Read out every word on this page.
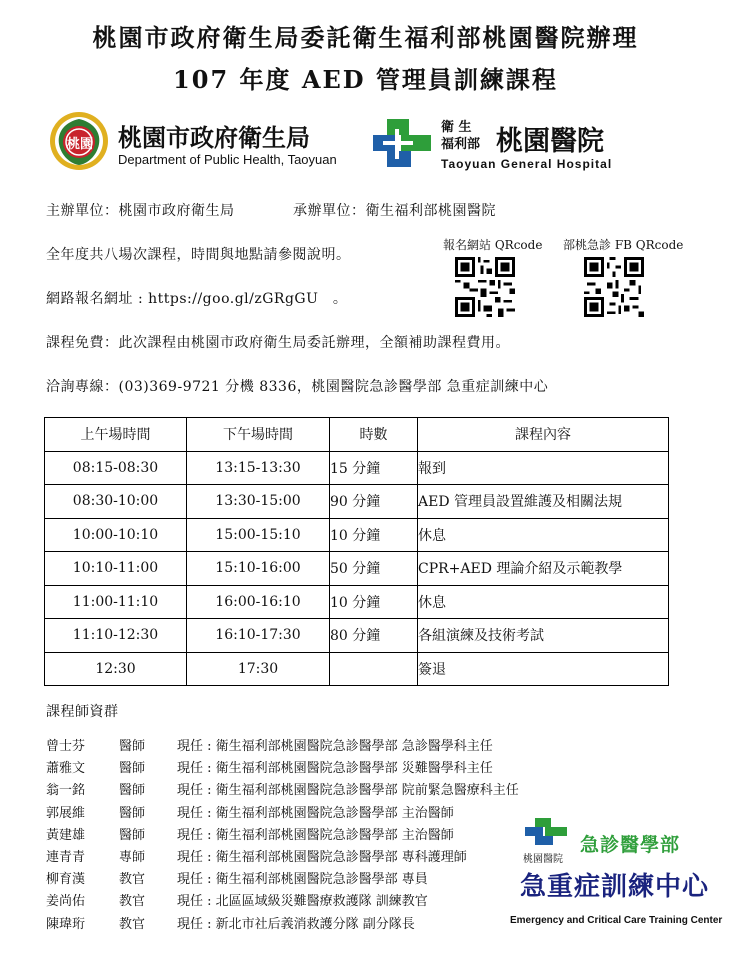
桃園市政府衛生局委託衛生福利部桃園醫院辦理
107 年度 AED 管理員訓練課程
桃園 桃園市政府衛生局
Department of Public Health, Taoyuan
衛 生
福利部 桃園醫院
Taoyuan General Hospital
主辦單位：桃園市政府衛生局	承辦單位：衛生福利部桃園醫院
全年度共八場次課程，時間與地點請參閱說明。
網路報名網址 : https://goo.gl/zGRgGU　。
課程免費：此次課程由桃園市政府衛生局委託辦理，全額補助課程費用。
洽詢專線：(03)369-9721 分機 8336，桃園醫院急診醫學部 急重症訓練中心
報名網站 QRcode 部桃急診 FB QRcode
上午場時間	下午場時間	時數	課程內容
08:15-08:30	13:15-13:30	15 分鐘	報到
08:30-10:00	13:30-15:00	90 分鐘	AED 管理員設置維護及相關法規
10:00-10:10	15:00-15:10	10 分鐘	休息
10:10-11:00	15:10-16:00	50 分鐘	CPR+AED 理論介紹及示範教學
11:00-11:10	16:00-16:10	10 分鐘	休息
11:10-12:30	16:10-17:30	80 分鐘	各組演練及技術考試
12:30	17:30		簽退
課程師資群
曾士芬	醫師 現任 : 衛生福利部桃園醫院急診醫學部 急診醫學科主任
蕭雅文	醫師 現任 : 衛生福利部桃園醫院急診醫學部 災難醫學科主任
翁一銘	醫師 現任 : 衛生福利部桃園醫院急診醫學部 院前緊急醫療科主任
郭展維	醫師 現任 : 衛生福利部桃園醫院急診醫學部 主治醫師
黃建雄	醫師 現任 : 衛生福利部桃園醫院急診醫學部 主治醫師
連青青	專師 現任 : 衛生福利部桃園醫院急診醫學部 專科護理師
柳育漢	教官 現任 : 衛生福利部桃園醫院急診醫學部 專員
姜尚佑	教官 現任 : 北區區域級災難醫療救護隊 訓練教官
陳瑋珩	教官 現任 : 新北市社后義消救護分隊 副分隊長
桃園醫院
急診醫學部
急重症訓練中心
Emergency and Critical Care Training Center
